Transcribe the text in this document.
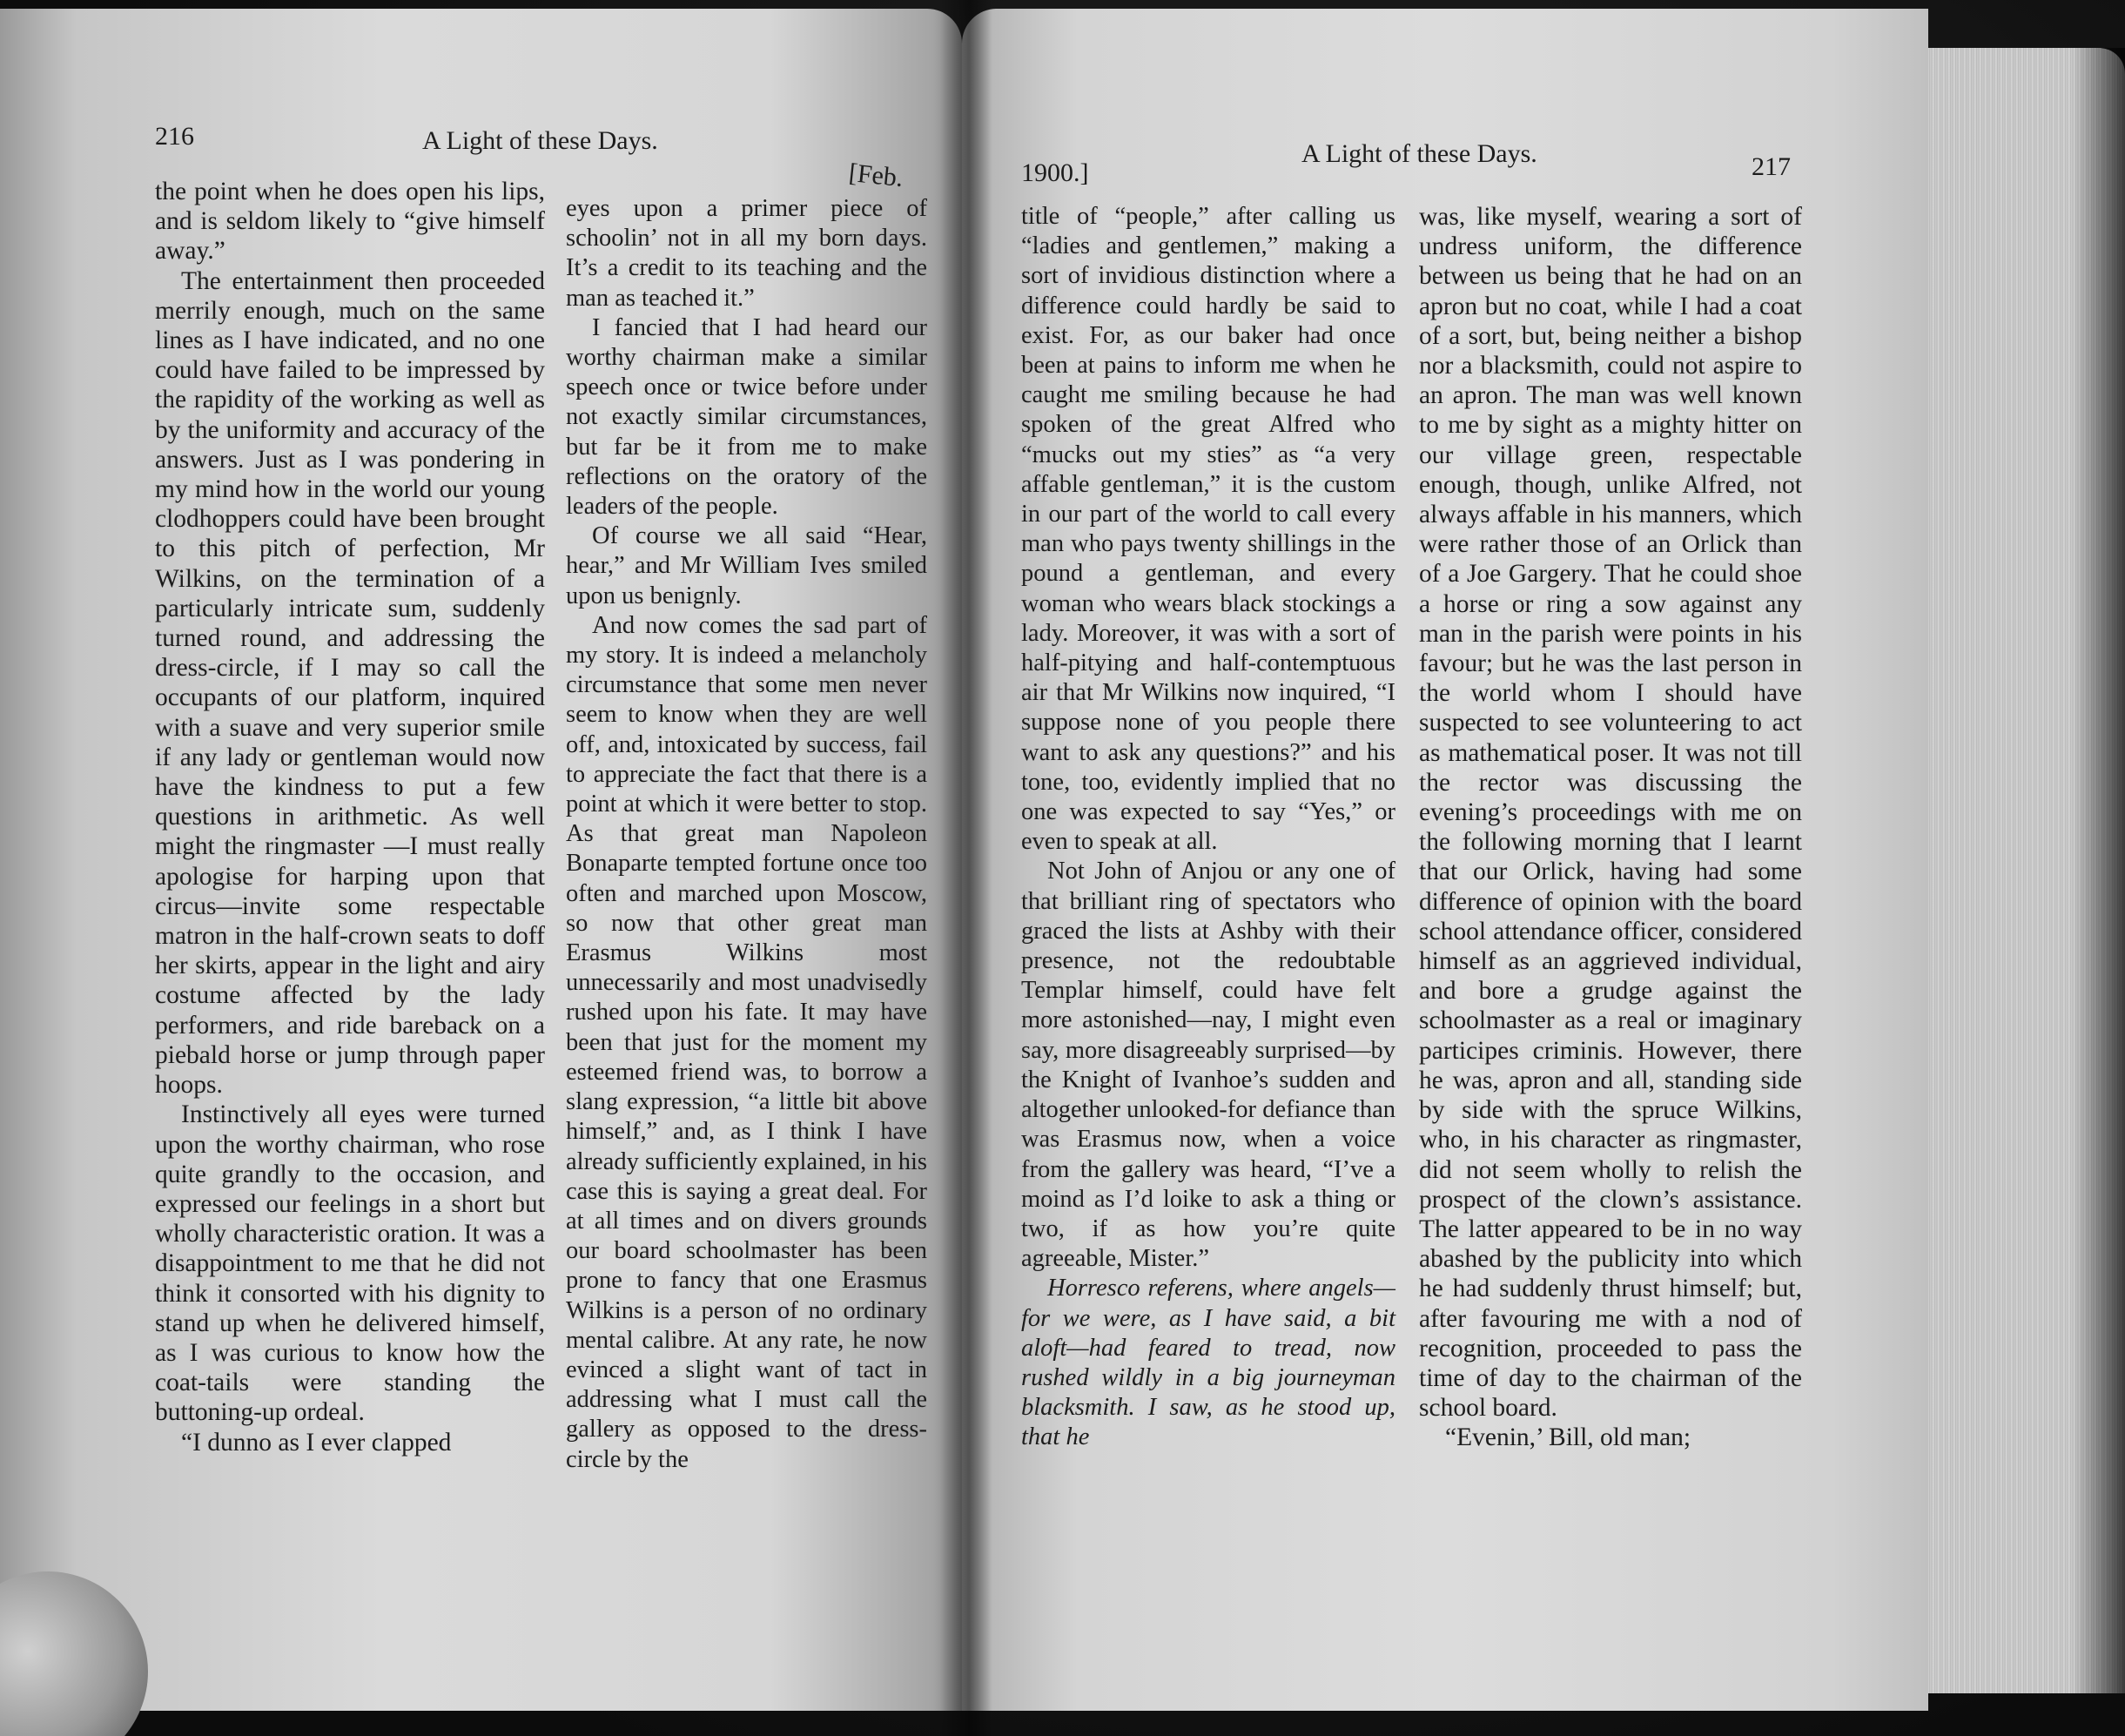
216	A Light of these Days.
[Feb.

the point when he does open his lips, and is seldom likely to “give himself away.”

The entertainment then proceeded merrily enough, much on the same lines as I have indicated, and no one could have failed to be impressed by the rapidity of the working as well as by the uniformity and accuracy of the answers. Just as I was pondering in my mind how in the world our young clodhoppers could have been brought to this pitch of perfection, Mr Wilkins, on the termination of a particularly intricate sum, suddenly turned round, and addressing the dress-circle, if I may so call the occupants of our platform, inquired with a suave and very superior smile if any lady or gentleman would now have the kindness to put a few questions in arithmetic. As well might the ringmaster —I must really apologise for harping upon that circus—invite some respectable matron in the half-crown seats to doff her skirts, appear in the light and airy costume affected by the lady performers, and ride bareback on a piebald horse or jump through paper hoops.

Instinctively all eyes were turned upon the worthy chairman, who rose quite grandly to the occasion, and expressed our feelings in a short but wholly characteristic oration. It was a disappointment to me that he did not think it consorted with his dignity to stand up when he delivered himself, as I was curious to know how the coat-tails were standing the buttoning-up ordeal.

“I dunno as I ever clapped

eyes upon a primer piece of schoolin’ not in all my born days. It’s a credit to its teaching and the man as teached it.”

I fancied that I had heard our worthy chairman make a similar speech once or twice before under not exactly similar circumstances, but far be it from me to make reflections on the oratory of the leaders of the people.

Of course we all said “Hear, hear,” and Mr William Ives smiled upon us benignly.

And now comes the sad part of my story. It is indeed a melancholy circumstance that some men never seem to know when they are well off, and, intoxicated by success, fail to appreciate the fact that there is a point at which it were better to stop. As that great man Napoleon Bonaparte tempted fortune once too often and marched upon Moscow, so now that other great man Erasmus Wilkins most unnecessarily and most unadvisedly rushed upon his fate. It may have been that just for the moment my esteemed friend was, to borrow a slang expression, “a little bit above himself,” and, as I think I have already sufficiently explained, in his case this is saying a great deal. For at all times and on divers grounds our board schoolmaster has been prone to fancy that one Erasmus Wilkins is a person of no ordinary mental calibre. At any rate, he now evinced a slight want of tact in addressing what I must call the gallery as opposed to the dress-circle by the

1900.]
A Light of these Days.	217

title of “people,” after calling us “ladies and gentlemen,” making a sort of invidious distinction where a difference could hardly be said to exist. For, as our baker had once been at pains to inform me when he caught me smiling because he had spoken of the great Alfred who “mucks out my sties” as “a very affable gentleman,” it is the custom in our part of the world to call every man who pays twenty shillings in the pound a gentleman, and every woman who wears black stockings a lady. Moreover, it was with a sort of half-pitying and half-contemptuous air that Mr Wilkins now inquired, “I suppose none of you people there want to ask any questions?” and his tone, too, evidently implied that no one was expected to say “Yes,” or even to speak at all.

Not John of Anjou or any one of that brilliant ring of spectators who graced the lists at Ashby with their presence, not the redoubtable Templar himself, could have felt more astonished—nay, I might even say, more disagreeably surprised—by the Knight of Ivanhoe’s sudden and altogether unlooked-for defiance than was Erasmus now, when a voice from the gallery was heard, “I’ve a moind as I’d loike to ask a thing or two, if as how you’re quite agreeable, Mister.”

Horresco referens, where angels—for we were, as I have said, a bit aloft—had feared to tread, now rushed wildly in a big journeyman blacksmith. I saw, as he stood up, that he

was, like myself, wearing a sort of undress uniform, the difference between us being that he had on an apron but no coat, while I had a coat of a sort, but, being neither a bishop nor a blacksmith, could not aspire to an apron. The man was well known to me by sight as a mighty hitter on our village green, respectable enough, though, unlike Alfred, not always affable in his manners, which were rather those of an Orlick than of a Joe Gargery. That he could shoe a horse or ring a sow against any man in the parish were points in his favour; but he was the last person in the world whom I should have suspected to see volunteering to act as mathematical poser. It was not till the rector was discussing the evening’s proceedings with me on the following morning that I learnt that our Orlick, having had some difference of opinion with the board school attendance officer, considered himself as an aggrieved individual, and bore a grudge against the schoolmaster as a real or imaginary participes criminis. However, there he was, apron and all, standing side by side with the spruce Wilkins, who, in his character as ringmaster, did not seem wholly to relish the prospect of the clown’s assistance. The latter appeared to be in no way abashed by the publicity into which he had suddenly thrust himself; but, after favouring me with a nod of recognition, proceeded to pass the time of day to the chairman of the school board.

“Evenin,’ Bill, old man;
